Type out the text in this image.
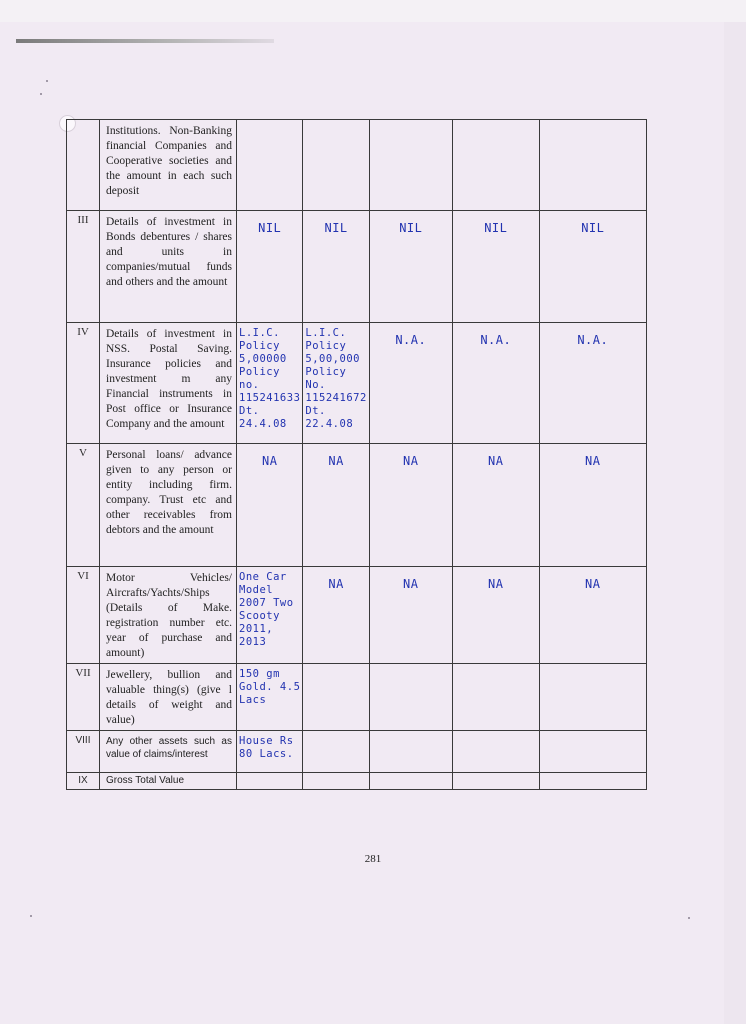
	Institutions. Non-Banking financial Companies and Cooperative societies and the amount in each such deposit					

III	Details of investment in Bonds debentures / shares and units in companies/mutual funds and others and the amount	NIL	NIL	NIL	NIL	NIL
IV	Details of investment in NSS. Postal Saving. Insurance policies and investment m any Financial instruments in Post office or Insurance Company and the amount	L.I.C. Policy 5,00000 Policy no. 115241633 Dt. 24.4.08	L.I.C. Policy 5,00,000 Policy No. 115241672 Dt. 22.4.08	N.A.	N.A.	N.A.
V	Personal loans/ advance given to any person or entity including firm. company. Trust etc and other receivables from debtors and the amount	NA	NA	NA	NA	NA
VI	Motor Vehicles/ Aircrafts/Yachts/Ships (Details of Make. registration number etc. year of purchase and amount)	One Car Model 2007 Two Scooty 2011, 2013	NA	NA	NA	NA
VII	Jewellery, bullion and valuable thing(s) (give l details of weight and value)	150 gm Gold. 4.5 Lacs				
VIII	Any other assets such as value of claims/interest	House Rs 80 Lacs.				
IX	Gross Total Value					

281
